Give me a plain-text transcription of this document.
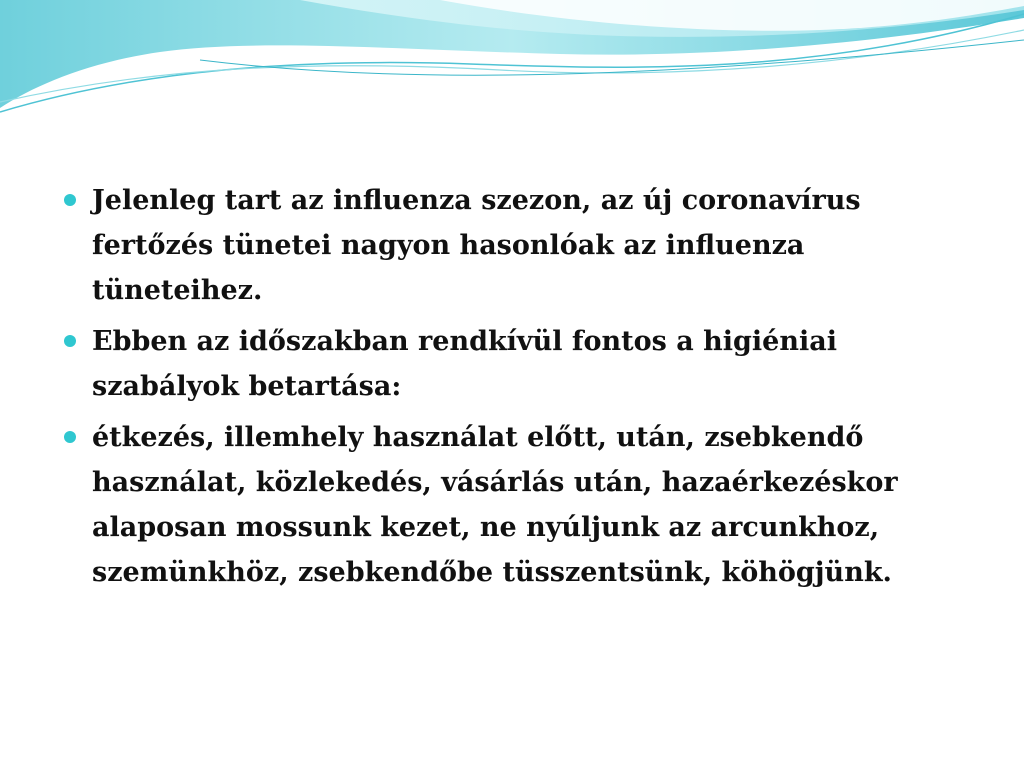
Jelenleg tart az influenza szezon, az új coronavírus fertőzés tünetei nagyon hasonlóak az influenza tüneteihez.
Ebben az időszakban rendkívül fontos a higiéniai szabályok betartása:
étkezés, illemhely használat előtt, után, zsebkendő használat, közlekedés, vásárlás után, hazaérkezéskor alaposan mossunk kezet, ne nyúljunk az arcunkhoz, szemünkhöz, zsebkendőbe tüsszentsünk, köhögjünk.
